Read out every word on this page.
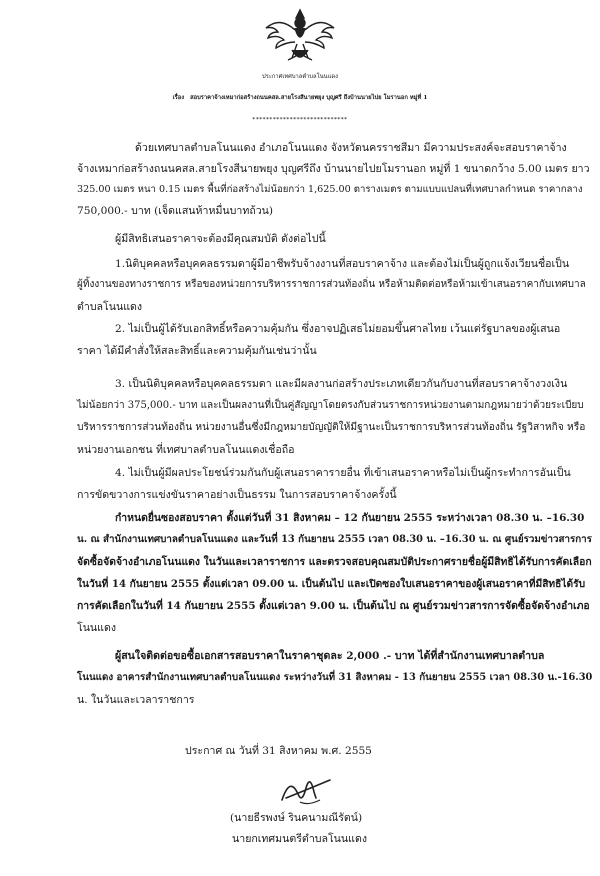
ประกาศเทศบาลตำบลโนนแดง
เรื่อง สอบราคาจ้างเหมาก่อสร้างถนนคสล.สายโรงสีนายพยุง บุญศรี ถึงบ้านนายไปย โมรานอก หมู่ที่ 1
****************************
ด้วยเทศบาลตำบลโนนแดง อำเภอโนนแดง จังหวัดนครราชสีมา มีความประสงค์จะสอบราคาจ้าง
จ้างเหมาก่อสร้างถนนคสล.สายโรงสีนายพยุง บุญศรีถึง บ้านนายไปยโมรานอก หมู่ที่ 1 ขนาดกว้าง 5.00 เมตร ยาว
325.00 เมตร หนา 0.15 เมตร พื้นที่ก่อสร้างไม่น้อยกว่า 1,625.00 ตารางเมตร ตามแบบแปลนที่เทศบาลกำหนด ราคากลาง
750,000.- บาท (เจ็ดแสนห้าหมื่นบาทถ้วน)
ผู้มีสิทธิเสนอราคาจะต้องมีคุณสมบัติ ดังต่อไปนี้
1.นิติบุคคลหรือบุคคลธรรมดาผู้มีอาชีพรับจ้างงานที่สอบราคาจ้าง และต้องไม่เป็นผู้ถูกแจ้งเวียนชื่อเป็น
ผู้ทิ้งงานของทางราชการ หรือของหน่วยการบริหารราชการส่วนท้องถิ่น หรือห้ามติดต่อหรือห้ามเข้าเสนอราคากับเทศบาล
ตำบลโนนแดง
2. ไม่เป็นผู้ได้รับเอกสิทธิ์หรือความคุ้มกัน ซึ่งอาจปฏิเสธไม่ยอมขึ้นศาลไทย เว้นแต่รัฐบาลของผู้เสนอ
ราคา ได้มีคำสั่งให้สละสิทธิ์และความคุ้มกันเช่นว่านั้น
3. เป็นนิติบุคคลหรือบุคคลธรรมดา และมีผลงานก่อสร้างประเภทเดียวกันกับงานที่สอบราคาจ้างวงเงิน
ไม่น้อยกว่า 375,000.- บาท และเป็นผลงานที่เป็นคู่สัญญาโดยตรงกับส่วนราชการหน่วยงานตามกฎหมายว่าด้วยระเบียบ
บริหารราชการส่วนท้องถิ่น หน่วยงานอื่นซึ่งมีกฎหมายบัญญัติให้มีฐานะเป็นราชการบริหารส่วนท้องถิ่น รัฐวิสาหกิจ หรือ
หน่วยงานเอกชน ที่เทศบาลตำบลโนนแดงเชื่อถือ
4. ไม่เป็นผู้มีผลประโยชน์ร่วมกันกับผู้เสนอราคารายอื่น ที่เข้าเสนอราคาหรือไม่เป็นผู้กระทำการอันเป็น
การขัดขวางการแข่งขันราคาอย่างเป็นธรรม ในการสอบราคาจ้างครั้งนี้
กำหนดยื่นซองสอบราคา ตั้งแต่วันที่ 31 สิงหาคม – 12 กันยายน 2555 ระหว่างเวลา 08.30 น. –16.30
น. ณ สำนักงานเทศบาลตำบลโนนแดง และวันที่ 13 กันยายน 2555 เวลา 08.30 น. –16.30 น. ณ ศูนย์รวมข่าวสารการ
จัดซื้อจัดจ้างอำเภอโนนแดง ในวันและเวลาราชการ และตรวจสอบคุณสมบัติประกาศรายชื่อผู้มีสิทธิได้รับการคัดเลือก
ในวันที่ 14 กันยายน 2555 ตั้งแต่เวลา 09.00 น. เป็นต้นไป และเปิดซองใบเสนอราคาของผู้เสนอราคาที่มีสิทธิได้รับ
การคัดเลือกในวันที่ 14 กันยายน 2555 ตั้งแต่เวลา 9.00 น. เป็นต้นไป ณ ศูนย์รวมข่าวสารการจัดซื้อจัดจ้างอำเภอ
โนนแดง
ผู้สนใจติดต่อขอซื้อเอกสารสอบราคาในราคาชุดละ 2,000 .- บาท ได้ที่สำนักงานเทศบาลตำบล
โนนแดง อาคารสำนักงานเทศบาลตำบลโนนแดง ระหว่างวันที่ 31 สิงหาคม - 13 กันยายน 2555 เวลา 08.30 น.-16.30
น. ในวันและเวลาราชการ
ประกาศ ณ วันที่ 31 สิงหาคม พ.ศ. 2555
(นายธีรพงษ์ รินคนามณีรัตน์)
นายกเทศมนตรีตำบลโนนแดง
